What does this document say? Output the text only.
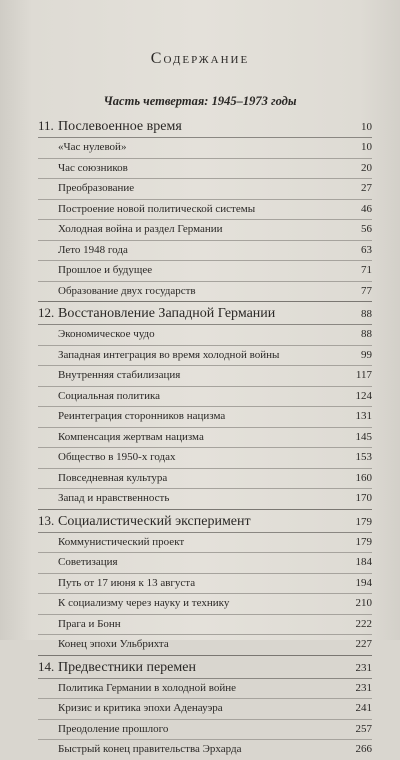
Содержание
Часть четвертая: 1945–1973 годы
11. Послевоенное время	10
«Час нулевой»	10
Час союзников	20
Преобразование	27
Построение новой политической системы	46
Холодная война и раздел Германии	56
Лето 1948 года	63
Прошлое и будущее	71
Образование двух государств	77
12. Восстановление Западной Германии	88
Экономическое чудо	88
Западная интеграция во время холодной войны	99
Внутренняя стабилизация	117
Социальная политика	124
Реинтеграция сторонников нацизма	131
Компенсация жертвам нацизма	145
Общество в 1950-х годах	153
Повседневная культура	160
Запад и нравственность	170
13. Социалистический эксперимент	179
Коммунистический проект	179
Советизация	184
Путь от 17 июня к 13 августа	194
К социализму через науку и технику	210
Прага и Бонн	222
Конец эпохи Ульбрихта	227
14. Предвестники перемен	231
Политика Германии в холодной войне	231
Кризис и критика эпохи Аденауэра	241
Преодоление прошлого	257
Быстрый конец правительства Эрхарда	266
